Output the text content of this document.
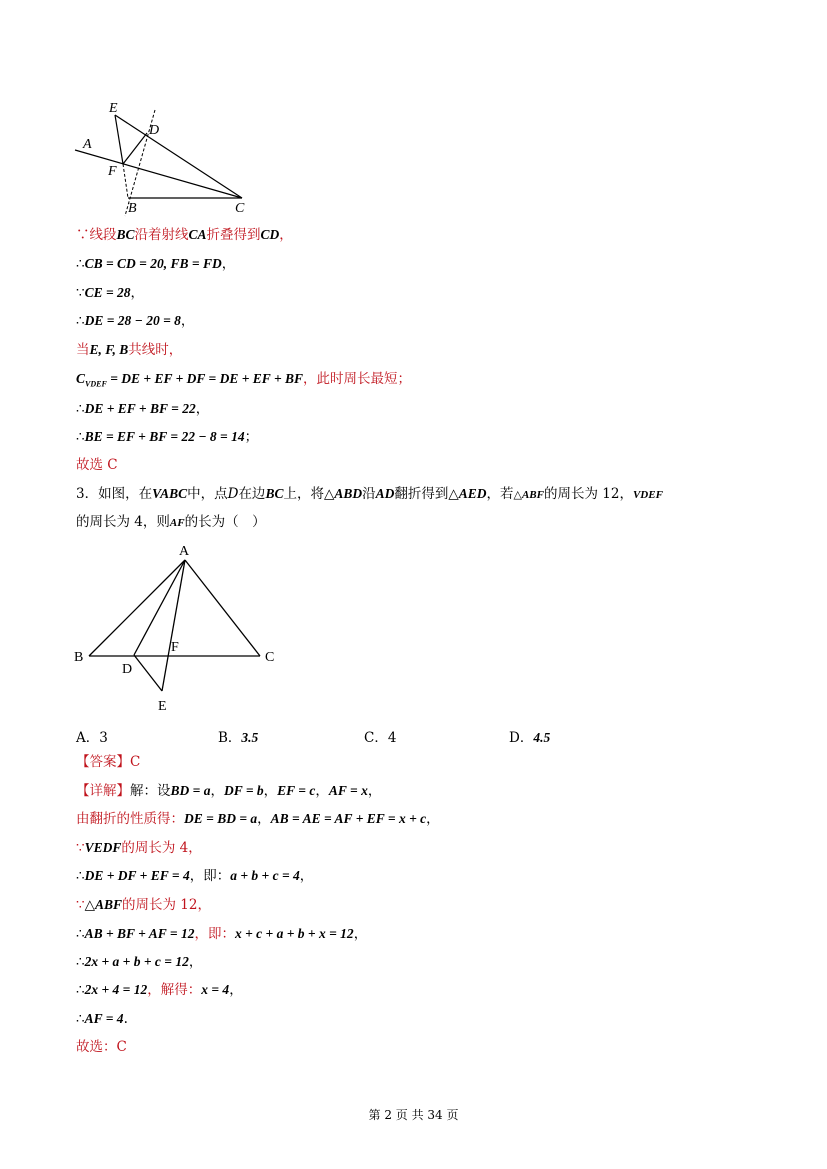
E
D
A
F
B	C
∵线段BC沿着射线CA折叠得到CD，
∴CB = CD = 20, FB = FD，
∵CE = 28，
∴DE = 28 − 20 = 8，
当E, F, B共线时，
$C_{VDEF}$ = DE + EF + DF = DE + EF + BF，此时周长最短；
∴DE + EF + BF = 22，
∴BE = EF + BF = 22 − 8 = 14；
故选 C
3．如图，在VABC中，点D在边BC上，将△ABD沿AD翻折得到△AED，若△ABF的周长为 12，VDEF
的周长为 4，则AF的长为（　）
A
B	C
D
F
E
A．3	B．3.5	C．4	D．4.5
【答案】C
【详解】解：设BD = a，DF = b，EF = c，AF = x，
由翻折的性质得：DE = BD = a，AB = AE = AF + EF = x + c，
∵VEDF的周长为 4，
∴DE + DF + EF = 4，即：a + b + c = 4，
∵△ABF的周长为 12，
∴AB + BF + AF = 12，即：x + c + a + b + x = 12，
∴2x + a + b + c = 12，
∴2x + 4 = 12，解得：x = 4，
∴AF = 4.
故选：C
第 2 页 共 34 页
